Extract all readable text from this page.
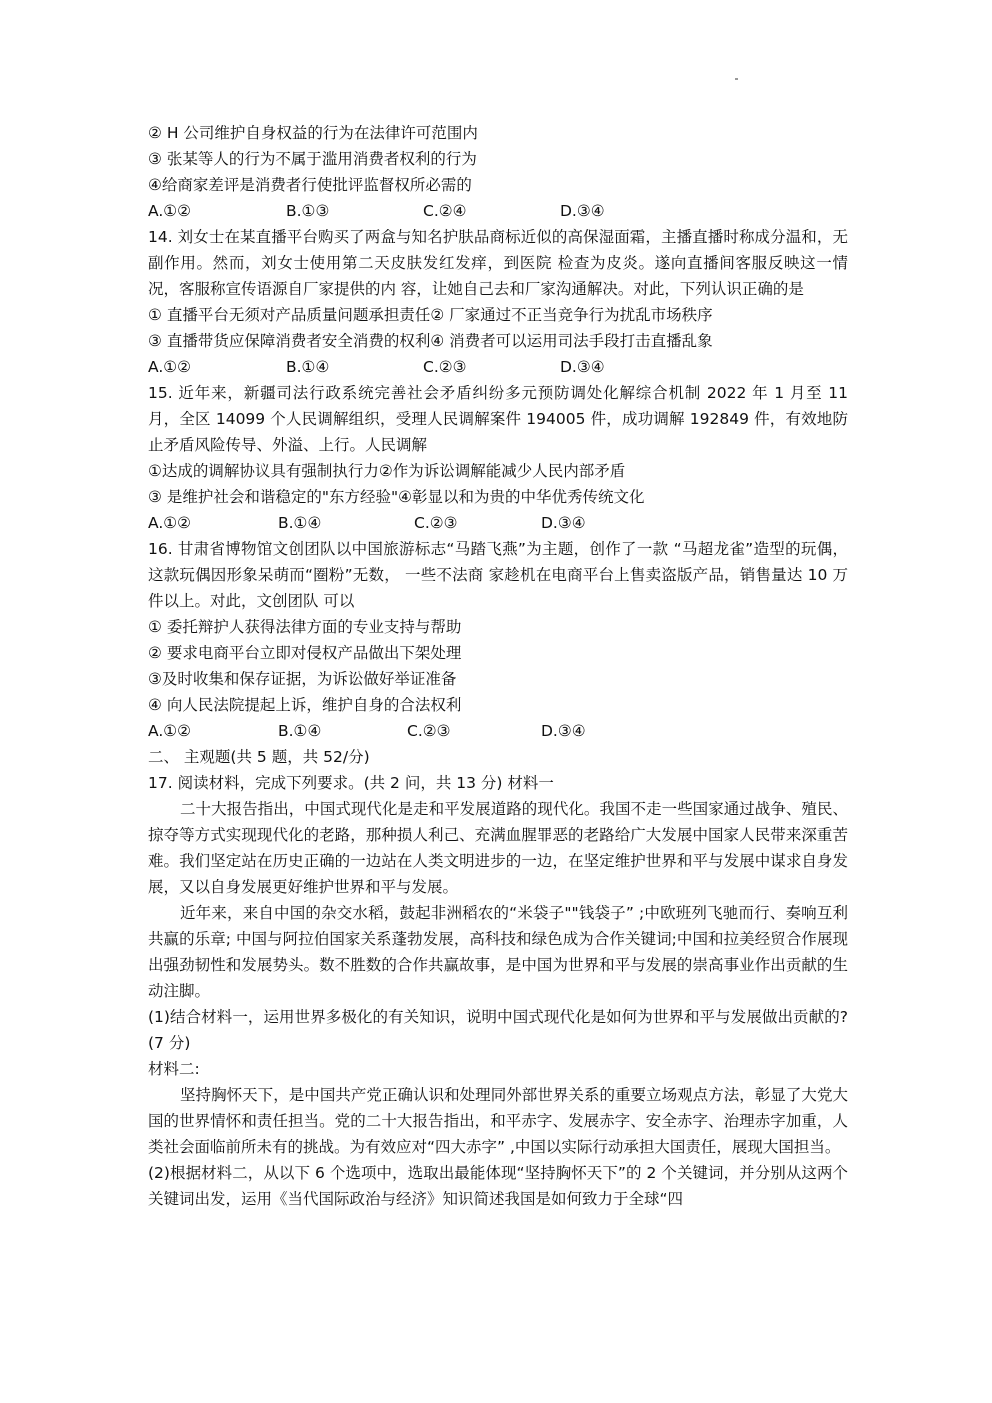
② H 公司维护自身权益的行为在法律许可范围内
③ 张某等人的行为不属于滥用消费者权利的行为
④给商家差评是消费者行使批评监督权所必需的
A.①②	B.①③	C.②④	D.③④
14. 刘女士在某直播平台购买了两盒与知名护肤品商标近似的高保湿面霜，主播直播时称成分温和，无副作用。然而，刘女士使用第二天皮肤发红发痒，到医院 检查为皮炎。遂向直播间客服反映这一情况，客服称宣传语源自厂家提供的内 容，让她自己去和厂家沟通解决。对此，下列认识正确的是
① 直播平台无须对产品质量问题承担责任② 厂家通过不正当竞争行为扰乱市场秩序
③ 直播带货应保障消费者安全消费的权利④ 消费者可以运用司法手段打击直播乱象
A.①②	B.①④	C.②③	D.③④
15. 近年来，新疆司法行政系统完善社会矛盾纠纷多元预防调处化解综合机制 2022 年 1 月至 11 月，全区 14099 个人民调解组织，受理人民调解案件 194005 件，成功调解 192849 件，有效地防止矛盾风险传导、外溢、上行。人民调解
①达成的调解协议具有强制执行力②作为诉讼调解能减少人民内部矛盾
③ 是维护社会和谐稳定的"东方经验"④彰显以和为贵的中华优秀传统文化
A.①②	B.①④	C.②③	D.③④
16. 甘肃省博物馆文创团队以中国旅游标志“马踏飞燕”为主题，创作了一款 “马超龙雀”造型的玩偶，这款玩偶因形象呆萌而“圈粉”无数， 一些不法商 家趁机在电商平台上售卖盗版产品，销售量达 10 万件以上。对此，文创团队 可以
① 委托辩护人获得法律方面的专业支持与帮助
② 要求电商平台立即对侵权产品做出下架处理
③及时收集和保存证据，为诉讼做好举证准备
④ 向人民法院提起上诉，维护自身的合法权利
A.①②	B.①④	C.②③	D.③④
二、 主观题(共 5 题，共 52/分)
17. 阅读材料，完成下列要求。(共 2 问，共 13 分) 材料一
二十大报告指出，中国式现代化是走和平发展道路的现代化。我国不走一些国家通过战争、殖民、掠夺等方式实现现代化的老路，那种损人利己、充满血腥罪恶的老路给广大发展中国家人民带来深重苦难。我们坚定站在历史正确的一边站在人类文明进步的一边，在坚定维护世界和平与发展中谋求自身发展，又以自身发展更好维护世界和平与发展。
近年来，来自中国的杂交水稻，鼓起非洲稻农的“米袋子""钱袋子” ;中欧班列飞驰而行、奏响互利共赢的乐章; 中国与阿拉伯国家关系蓬勃发展，高科技和绿色成为合作关键词;中国和拉美经贸合作展现出强劲韧性和发展势头。数不胜数的合作共赢故事，是中国为世界和平与发展的崇高事业作出贡献的生动注脚。
(1)结合材料一，运用世界多极化的有关知识，说明中国式现代化是如何为世界和平与发展做出贡献的?(7 分)
材料二:
坚持胸怀天下，是中国共产党正确认识和处理同外部世界关系的重要立场观点方法，彰显了大党大国的世界情怀和责任担当。党的二十大报告指出，和平赤字、发展赤字、安全赤字、治理赤字加重，人类社会面临前所未有的挑战。为有效应对“四大赤字” ,中国以实际行动承担大国责任，展现大国担当。
(2)根据材料二，从以下 6 个选项中，选取出最能体现“坚持胸怀天下”的 2 个关键词，并分别从这两个关键词出发，运用《当代国际政治与经济》知识简述我国是如何致力于全球“四
